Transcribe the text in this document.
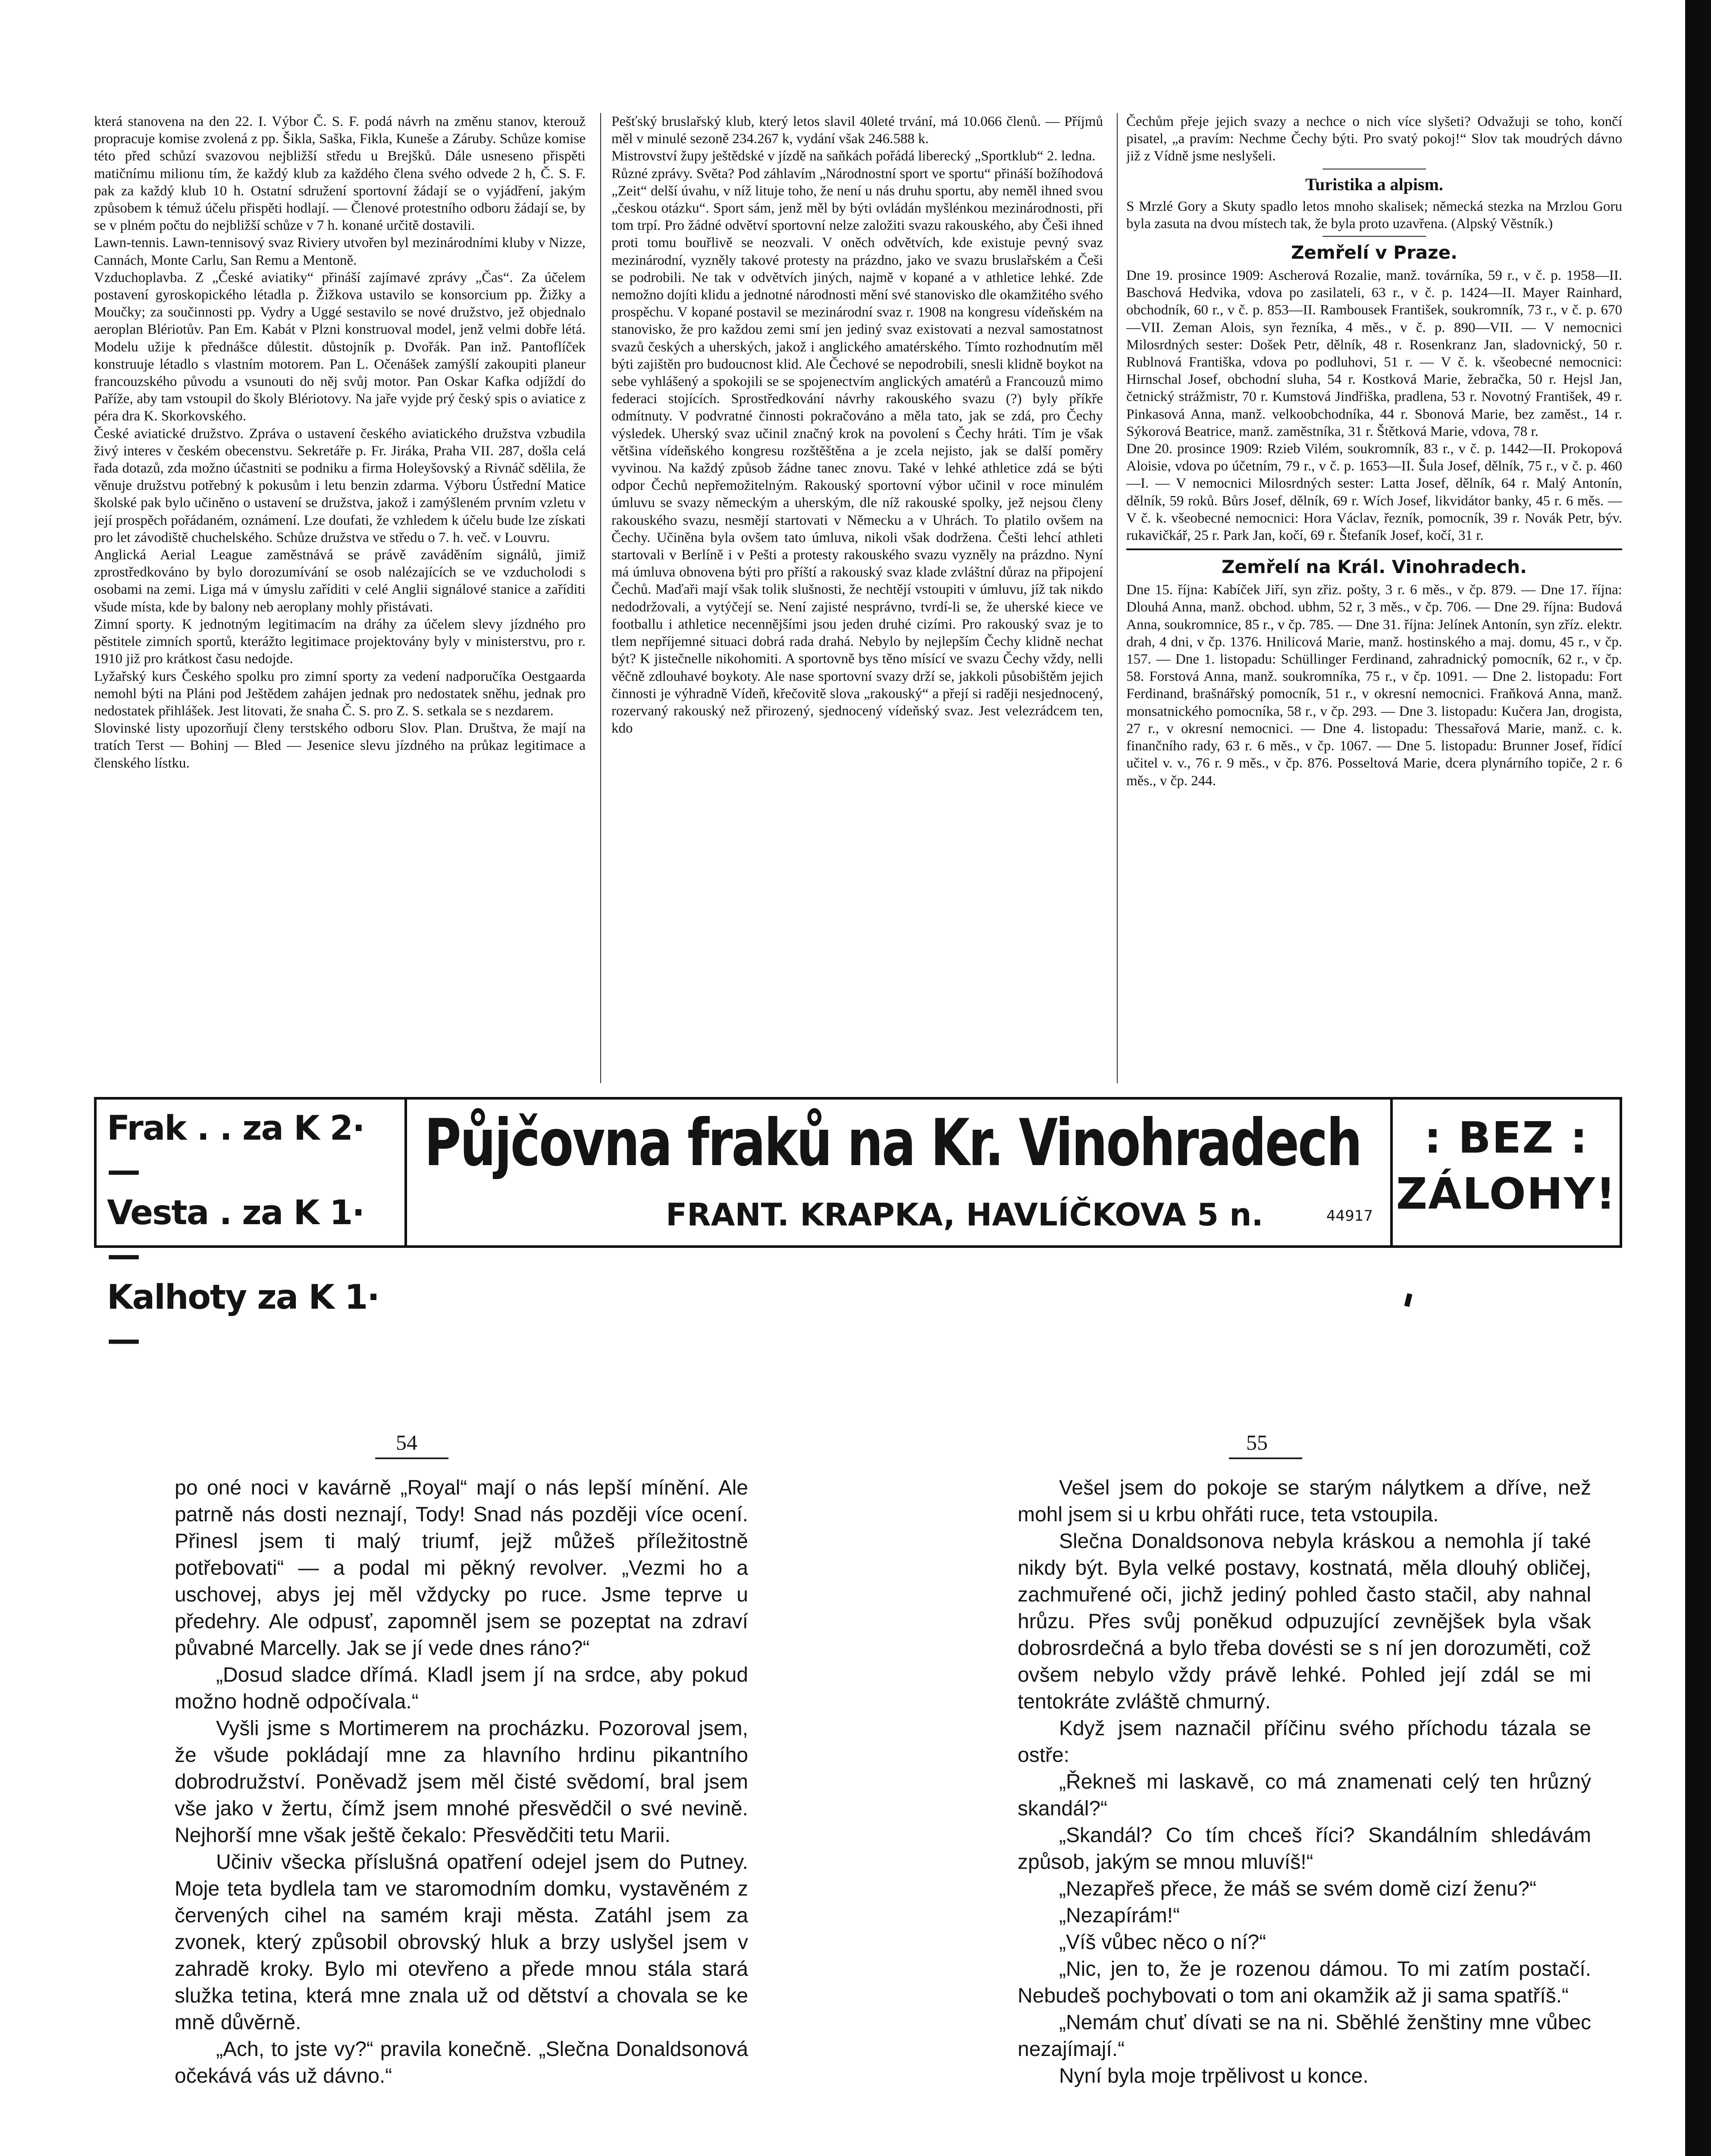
která stanovena na den 22. I. Výbor Č. S. F. podá návrh na změnu stanov, kterouž propracuje komise zvolená z pp. Šikla, Saška, Fikla, Kuneše a Záruby. Schůze komise této před schůzí svazovou nejbližší středu u Brejšků. Dále usneseno přispěti matičnímu milionu tím, že každý klub za každého člena svého odvede 2 h, Č. S. F. pak za každý klub 10 h. Ostatní sdružení sportovní žádají se o vyjádření, jakým způsobem k témuž účelu přispěti hodlají. — Členové protestního odboru žádají se, by se v plném počtu do nejbližší schůze v 7 h. konané určitě dostavili.

Lawn-tennis. Lawn-tennisový svaz Riviery utvořen byl mezinárodními kluby v Nizze, Cannách, Monte Carlu, San Remu a Mentoně.

Vzduchoplavba. Z „České aviatiky“ přináší zajímavé zprávy „Čas“. Za účelem postavení gyroskopického létadla p. Žižkova ustavilo se konsorcium pp. Žižky a Moučky; za součinnosti pp. Vydry a Uggé sestavilo se nové družstvo, jež objednalo aeroplan Blériotův. Pan Em. Kabát v Plzni konstruoval model, jenž velmi dobře létá. Modelu užije k přednášce důlestit. důstojník p. Dvořák. Pan inž. Pantoflíček konstruuje létadlo s vlastním motorem. Pan L. Očenášek zamýšlí zakoupiti planeur francouzského původu a vsunouti do něj svůj motor. Pan Oskar Kafka odjíždí do Paříže, aby tam vstoupil do školy Blériotovy. Na jaře vyjde prý český spis o aviatice z péra dra K. Skorkovského.

České aviatické družstvo. Zpráva o ustavení českého aviatického družstva vzbudila živý interes v českém obecenstvu. Sekretáře p. Fr. Jiráka, Praha VII. 287, došla celá řada dotazů, zda možno účastniti se podniku a firma Holeyšovský a Rivnáč sdělila, že věnuje družstvu potřebný k pokusům i letu benzin zdarma. Výboru Ústřední Matice školské pak bylo učiněno o ustavení se družstva, jakož i zamýšleném prvním vzletu v její prospěch pořádaném, oznámení. Lze doufati, že vzhledem k účelu bude lze získati pro let závodiště chuchelského. Schůze družstva ve středu o 7. h. več. v Louvru.

Anglická Aerial League zaměstnává se právě zaváděním signálů, jimiž zprostředkováno by bylo dorozumívání se osob nalézajících se ve vzducholodi s osobami na zemi. Liga má v úmyslu zaříditi v celé Anglii signálové stanice a zaříditi všude místa, kde by balony neb aeroplany mohly přistávati.

Zimní sporty. K jednotným legitimacím na dráhy za účelem slevy jízdného pro pěstitele zimních sportů, kterážto legitimace projektovány byly v ministerstvu, pro r. 1910 již pro krátkost času nedojde.

Lyžařský kurs Českého spolku pro zimní sporty za vedení nadporučíka Oestgaarda nemohl býti na Pláni pod Ještědem zahájen jednak pro nedostatek sněhu, jednak pro nedostatek přihlášek. Jest litovati, že snaha Č. S. pro Z. S. setkala se s nezdarem.

Slovinské listy upozorňují členy terstského odboru Slov. Plan. Društva, že mají na tratích Terst — Bohinj — Bled — Jesenice slevu jízdného na průkaz legitimace a členského lístku.

Pešťský bruslařský klub, který letos slavil 40leté trvání, má 10.066 členů. — Příjmů měl v minulé sezoně 234.267 k, vydání však 246.588 k.

Mistrovství župy ještědské v jízdě na saňkách pořádá liberecký „Sportklub“ 2. ledna.

Různé zprávy. Světa? Pod záhlavím „Národnostní sport ve sportu“ přináší božíhodová „Zeit“ delší úvahu, v níž lituje toho, že není u nás druhu sportu, aby neměl ihned svou „českou otázku“. Sport sám, jenž měl by býti ovládán myšlénkou mezinárodnosti, při tom trpí. Pro žádné odvětví sportovní nelze založiti svazu rakouského, aby Češi ihned proti tomu bouřlivě se neozvali. V oněch odvětvích, kde existuje pevný svaz mezinárodní, vyzněly takové protesty na prázdno, jako ve svazu bruslařském a Češi se podrobili. Ne tak v odvětvích jiných, najmě v kopané a v athletice lehké. Zde nemožno dojíti klidu a jednotné národnosti mění své stanovisko dle okamžitého svého prospěchu. V kopané postavil se mezinárodní svaz r. 1908 na kongresu vídeňském na stanovisko, že pro každou zemi smí jen jediný svaz existovati a nezval samostatnost svazů českých a uherských, jakož i anglického amatérského. Tímto rozhodnutím měl býti zajištěn pro budoucnost klid. Ale Čechové se nepodrobili, snesli klidně boykot na sebe vyhlášený a spokojili se se spojenectvím anglických amatérů a Francouzů mimo federaci stojících. Sprostředkování návrhy rakouského svazu (?) byly příkře odmítnuty. V podvratné činnosti pokračováno a měla tato, jak se zdá, pro Čechy výsledek. Uherský svaz učinil značný krok na povolení s Čechy hráti. Tím je však většina vídeňského kongresu rozštěštěna a je zcela nejisto, jak se další poměry vyvinou. Na každý způsob žádne tanec znovu. Také v lehké athletice zdá se býti odpor Čechů nepřemožitelným. Rakouský sportovní výbor učinil v roce minulém úmluvu se svazy německým a uherským, dle níž rakouské spolky, jež nejsou členy rakouského svazu, nesmějí startovati v Německu a v Uhrách. To platilo ovšem na Čechy. Učiněna byla ovšem tato úmluva, nikoli však dodržena. Češti lehcí athleti startovali v Berlíně i v Pešti a protesty rakouského svazu vyzněly na prázdno. Nyní má úmluva obnovena býti pro příští a rakouský svaz klade zvláštní důraz na připojení Čechů. Maďaři mají však tolik slušnosti, že nechtějí vstoupiti v úmluvu, jíž tak nikdo nedodržovali, a vytýčejí se. Není zajisté nesprávno, tvrdí-li se, že uherské kiece ve footballu i athletice necennějšími jsou jeden druhé cizími. Pro rakouský svaz je to tlem nepříjemné situaci dobrá rada drahá. Nebylo by nejlepším Čechy klidně nechat být? K jistečnelle nikohomiti. A sportovně bys těno mísící ve svazu Čechy vždy, nelli věčně zdlouhavé boykoty. Ale nase sportovní svazy drží se, jakkoli působištěm jejich činnosti je výhradně Vídeň, křečovitě slova „rakouský“ a přejí si raději nesjednocený, rozervaný rakouský než přirozený, sjednocený vídeňský svaz. Jest velezrádcem ten, kdo

Čechům přeje jejich svazy a nechce o nich více slyšeti? Odvažuji se toho, končí pisatel, „a pravím: Nechme Čechy býti. Pro svatý pokoj!“ Slov tak moudrých dávno již z Vídně jsme neslyšeli.

Turistika a alpism.

S Mrzlé Gory a Skuty spadlo letos mnoho skalisek; německá stezka na Mrzlou Goru byla zasuta na dvou místech tak, že byla proto uzavřena. (Alpský Věstník.)

Zemřelí v Praze.

Dne 19. prosince 1909: Ascherová Rozalie, manž. továrníka, 59 r., v č. p. 1958—II. Baschová Hedvika, vdova po zasilateli, 63 r., v č. p. 1424—II. Mayer Rainhard, obchodník, 60 r., v č. p. 853—II. Rambousek František, soukromník, 73 r., v č. p. 670—VII. Zeman Alois, syn řezníka, 4 měs., v č. p. 890—VII. — V nemocnici Milosrdných sester: Došek Petr, dělník, 48 r. Rosenkranz Jan, sladovnický, 50 r. Rublnová Františka, vdova po podluhovi, 51 r. — V č. k. všeobecné nemocnici: Hirnschal Josef, obchodní sluha, 54 r. Kostková Marie, žebračka, 50 r. Hejsl Jan, četnický strážmistr, 70 r. Kumstová Jindřiška, pradlena, 53 r. Novotný František, 49 r. Pinkasová Anna, manž. velkoobchodníka, 44 r. Sbonová Marie, bez zaměst., 14 r. Sýkorová Beatrice, manž. zaměstníka, 31 r. Štětková Marie, vdova, 78 r.

Dne 20. prosince 1909: Rzieb Vilém, soukromník, 83 r., v č. p. 1442—II. Prokopová Aloisie, vdova po účetním, 79 r., v č. p. 1653—II. Šula Josef, dělník, 75 r., v č. p. 460—I. — V nemocnici Milosrdných sester: Latta Josef, dělník, 64 r. Malý Antonín, dělník, 59 roků. Bůrs Josef, dělník, 69 r. Wích Josef, likvidátor banky, 45 r. 6 měs. — V č. k. všeobecné nemocnici: Hora Václav, řezník, pomocník, 39 r. Novák Petr, býv. rukavičkář, 25 r. Park Jan, kočí, 69 r. Štefaník Josef, kočí, 31 r.

Zemřelí na Král. Vinohradech.

Dne 15. října: Kabíček Jiří, syn zřiz. pošty, 3 r. 6 měs., v čp. 879. — Dne 17. října: Dlouhá Anna, manž. obchod. ubhm, 52 r, 3 měs., v čp. 706. — Dne 29. října: Budová Anna, soukromnice, 85 r., v čp. 785. — Dne 31. října: Jelínek Antonín, syn zříz. elektr. drah, 4 dni, v čp. 1376. Hnilicová Marie, manž. hostinského a maj. domu, 45 r., v čp. 157. — Dne 1. listopadu: Schüllinger Ferdinand, zahradnický pomocník, 62 r., v čp. 58. Forstová Anna, manž. soukromníka, 75 r., v čp. 1091. — Dne 2. listopadu: Fort Ferdinand, brašnářský pomocník, 51 r., v okresní nemocnici. Fraňková Anna, manž. monsatnického pomocníka, 58 r., v čp. 293. — Dne 3. listopadu: Kučera Jan, drogista, 27 r., v okresní nemocnici. — Dne 4. listopadu: Thessařová Marie, manž. c. k. finančního rady, 63 r. 6 měs., v čp. 1067. — Dne 5. listopadu: Brunner Josef, řídící učitel v. v., 76 r. 9 měs., v čp. 876. Posseltová Marie, dcera plynárního topiče, 2 r. 6 měs., v čp. 244.

Frak . . za K 2·—
Vesta . za K 1·—
Kalhoty za K 1·—
Půjčovna fraků na Kr. Vinohradech
FRANT. KRAPKA, HAVLÍČKOVA 5 n.	44917
: BEZ :
ZÁLOHY!
54	55

po oné noci v kavárně „Royal“ mají o nás lepší mínění. Ale patrně nás dosti neznají, Tody! Snad nás později více ocení. Přinesl jsem ti malý triumf, jejž můžeš příležitostně potřebovati“ — a podal mi pěkný revolver. „Vezmi ho a uschovej, abys jej měl vždycky po ruce. Jsme teprve u předehry. Ale odpusť, zapomněl jsem se pozeptat na zdraví půvabné Marcelly. Jak se jí vede dnes ráno?“

„Dosud sladce dřímá. Kladl jsem jí na srdce, aby pokud možno hodně odpočívala.“

Vyšli jsme s Mortimerem na procházku. Pozoroval jsem, že všude pokládají mne za hlavního hrdinu pikantního dobrodružství. Poněvadž jsem měl čisté svědomí, bral jsem vše jako v žertu, čímž jsem mnohé přesvědčil o své nevině. Nejhorší mne však ještě čekalo: Přesvědčiti tetu Marii.

Učiniv všecka příslušná opatření odejel jsem do Putney. Moje teta bydlela tam ve staromodním domku, vystavěném z červených cihel na samém kraji města. Zatáhl jsem za zvonek, který způsobil obrovský hluk a brzy uslyšel jsem v zahradě kroky. Bylo mi otevřeno a přede mnou stála stará služka tetina, která mne znala už od dětství a chovala se ke mně důvěrně.

„Ach, to jste vy?“ pravila konečně. „Slečna Donaldsonová očekává vás už dávno.“

Vešel jsem do pokoje se starým nálytkem a dříve, než mohl jsem si u krbu ohřáti ruce, teta vstoupila.

Slečna Donaldsonova nebyla kráskou a nemohla jí také nikdy být. Byla velké postavy, kostnatá, měla dlouhý obličej, zachmuřené oči, jichž jediný pohled často stačil, aby nahnal hrůzu. Přes svůj poněkud odpuzující zevnějšek byla však dobrosrdečná a bylo třeba dovésti se s ní jen dorozuměti, což ovšem nebylo vždy právě lehké. Pohled její zdál se mi tentokráte zvláště chmurný.

Když jsem naznačil příčinu svého příchodu tázala se ostře:

„Řekneš mi laskavě, co má znamenati celý ten hrůzný skandál?“

„Skandál? Co tím chceš říci? Skandálním shledávám způsob, jakým se mnou mluvíš!“

„Nezapřeš přece, že máš se svém domě cizí ženu?“

„Nezapírám!“

„Víš vůbec něco o ní?“

„Nic, jen to, že je rozenou dámou. To mi zatím postačí. Nebudeš pochybovati o tom ani okamžik až ji sama spatříš.“

„Nemám chuť dívati se na ni. Sběhlé ženštiny mne vůbec nezajímají.“

Nyní byla moje trpělivost u konce.
